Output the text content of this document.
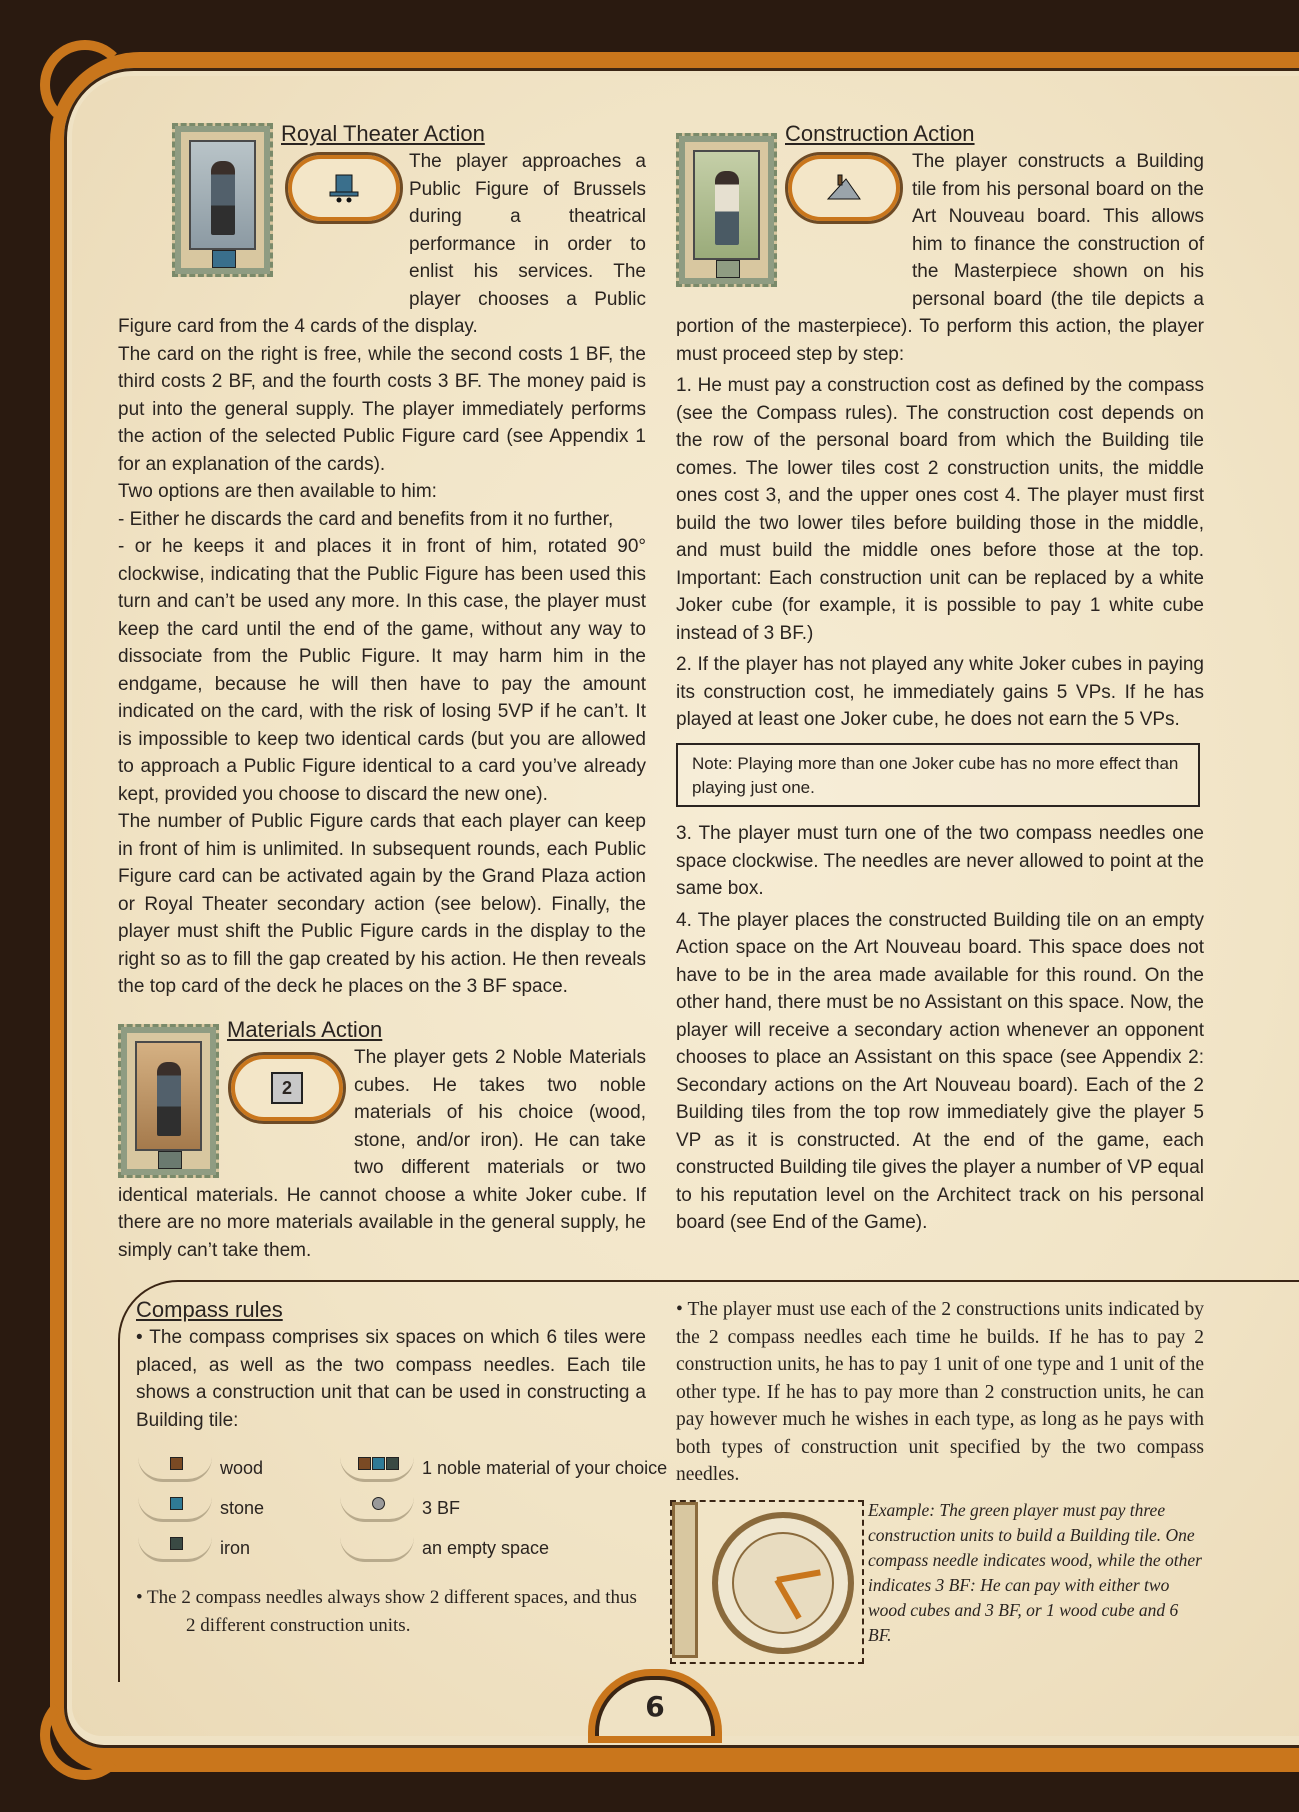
Royal Theater Action

The player approaches a Public Figure of Brussels during a theatrical performance in order to enlist his services. The player chooses a Public Figure card from the 4 cards of the display.

The card on the right is free, while the second costs 1 BF, the third costs 2 BF, and the fourth costs 3 BF. The money paid is put into the general supply. The player immediately performs the action of the selected Public Figure card (see Appendix 1 for an explanation of the cards).

Two options are then available to him:

- Either he discards the card and benefits from it no further,

- or he keeps it and places it in front of him, rotated 90° clockwise, indicating that the Public Figure has been used this turn and can’t be used any more. In this case, the player must keep the card until the end of the game, without any way to dissociate from the Public Figure. It may harm him in the endgame, because he will then have to pay the amount indicated on the card, with the risk of losing 5VP if he can’t. It is impossible to keep two identical cards (but you are allowed to approach a Public Figure identical to a card you’ve already kept, provided you choose to discard the new one).

The number of Public Figure cards that each player can keep in front of him is unlimited. In subsequent rounds, each Public Figure card can be activated again by the Grand Plaza action or Royal Theater secondary action (see below). Finally, the player must shift the Public Figure cards in the display to the right so as to fill the gap created by his action. He then reveals the top card of the deck he places on the 3 BF space.

2
Materials Action

The player gets 2 Noble Materials cubes. He takes two noble materials of his choice (wood, stone, and/or iron). He can take two different materials or two identical materials. He cannot choose a white Joker cube. If there are no more materials available in the general supply, he simply can’t take them.

Construction Action

The player constructs a Building tile from his personal board on the Art Nouveau board. This allows him to finance the construction of the Masterpiece shown on his personal board (the tile depicts a portion of the masterpiece). To perform this action, the player must proceed step by step:

1. He must pay a construction cost as defined by the compass (see the Compass rules). The construction cost depends on the row of the personal board from which the Building tile comes. The lower tiles cost 2 construction units, the middle ones cost 3, and the upper ones cost 4. The player must first build the two lower tiles before building those in the middle, and must build the middle ones before those at the top. Important: Each construction unit can be replaced by a white Joker cube (for example, it is possible to pay 1 white cube instead of 3 BF.)

2. If the player has not played any white Joker cubes in paying its construction cost, he immediately gains 5 VPs. If he has played at least one Joker cube, he does not earn the 5 VPs.

Note: Playing more than one Joker cube has no more effect than playing just one.

3. The player must turn one of the two compass needles one space clockwise. The needles are never allowed to point at the same box.

4. The player places the constructed Building tile on an empty Action space on the Art Nouveau board. This space does not have to be in the area made available for this round. On the other hand, there must be no Assistant on this space. Now, the player will receive a secondary action whenever an opponent chooses to place an Assistant on this space (see Appendix 2: Secondary actions on the Art Nouveau board). Each of the 2 Building tiles from the top row immediately give the player 5 VP as it is constructed. At the end of the game, each constructed Building tile gives the player a number of VP equal to his reputation level on the Architect track on his personal board (see End of the Game).

Compass rules

• The compass comprises six spaces on which 6 tiles were placed, as well as the two compass needles. Each tile shows a construction unit that can be used in constructing a Building tile:

wood
stone
iron
1 noble material of your choice
3 BF
an empty space

• The 2 compass needles always show 2 different spaces, and thus 2 different construction units.

• The player must use each of the 2 constructions units indicated by the 2 compass needles each time he builds. If he has to pay 2 construction units, he has to pay 1 unit of one type and 1 unit of the other type. If he has to pay more than 2 construction units, he can pay however much he wishes in each type, as long as he pays with both types of construction unit specified by the two compass needles.

Example: The green player must pay three construction units to build a Building tile. One compass needle indicates wood, while the other indicates 3 BF: He can pay with either two wood cubes and 3 BF, or 1 wood cube and 6 BF.

6
